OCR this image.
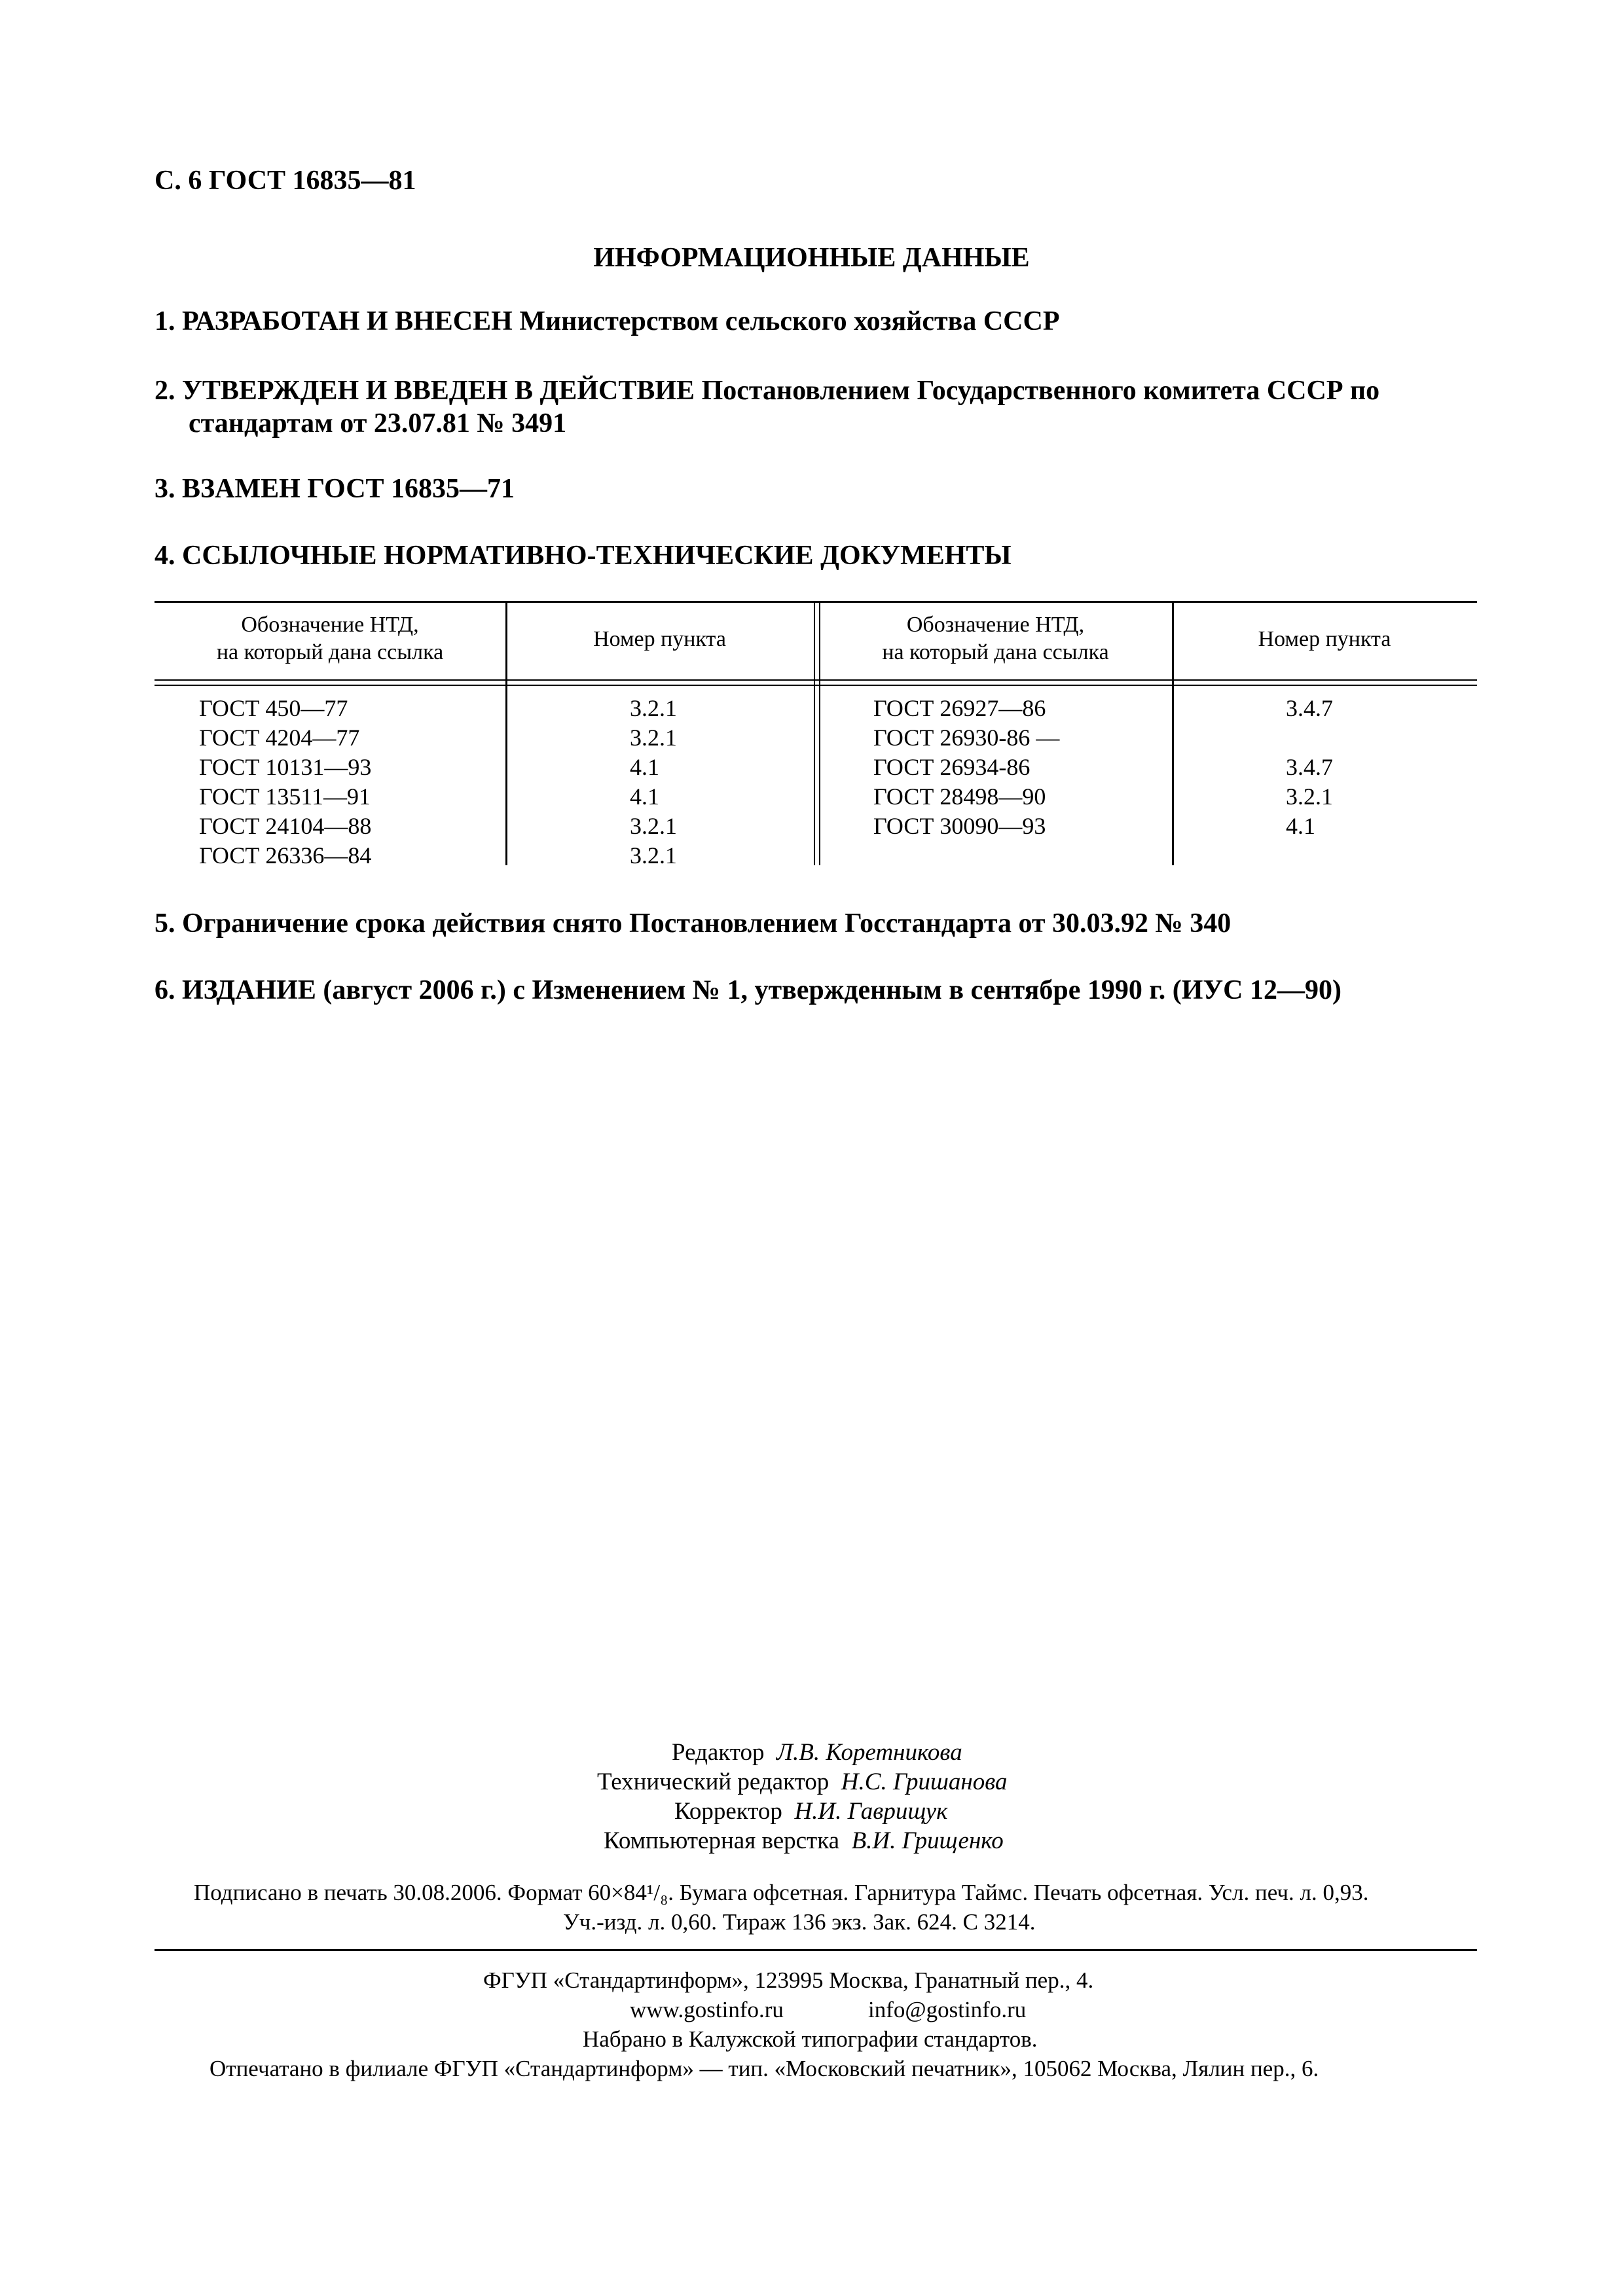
С. 6 ГОСТ 16835—81
ИНФОРМАЦИОННЫЕ ДАННЫЕ
1. РАЗРАБОТАН И ВНЕСЕН Министерством сельского хозяйства СССР
2. УТВЕРЖДЕН И ВВЕДЕН В ДЕЙСТВИЕ Постановлением Государственного комитета СССР по стандартам от 23.07.81 № 3491
3. ВЗАМЕН ГОСТ 16835—71
4. ССЫЛОЧНЫЕ НОРМАТИВНО-ТЕХНИЧЕСКИЕ ДОКУМЕНТЫ
Обозначение НТД,
на который дана ссылка
Номер пункта
Обозначение НТД,
на который дана ссылка
Номер пункта
ГОСТ 450—77
ГОСТ 4204—77
ГОСТ 10131—93
ГОСТ 13511—91
ГОСТ 24104—88
ГОСТ 26336—84
3.2.1
3.2.1
4.1
4.1
3.2.1
3.2.1
ГОСТ 26927—86
ГОСТ 26930-86 —
ГОСТ 26934-86
ГОСТ 28498—90
ГОСТ 30090—93
3.4.7
3.4.7
3.2.1
4.1
5. Ограничение срока действия снято Постановлением Госстандарта от 30.03.92 № 340
6. ИЗДАНИЕ (август 2006 г.) с Изменением № 1, утвержденным в сентябре 1990 г. (ИУС 12—90)
Редактор Л.В. Коретникова
Технический редактор Н.С. Гришанова
Корректор Н.И. Гаврищук
Компьютерная верстка В.И. Грищенко
Подписано в печать 30.08.2006. Формат 60×84¹/₈. Бумага офсетная. Гарнитура Таймс. Печать офсетная. Усл. печ. л. 0,93.
Уч.-изд. л. 0,60. Тираж 136 экз. Зак. 624. С 3214.
ФГУП «Стандартинформ», 123995 Москва, Гранатный пер., 4.
www.gostinfo.ru	info@gostinfo.ru
Набрано в Калужской типографии стандартов.
Отпечатано в филиале ФГУП «Стандартинформ» — тип. «Московский печатник», 105062 Москва, Лялин пер., 6.
